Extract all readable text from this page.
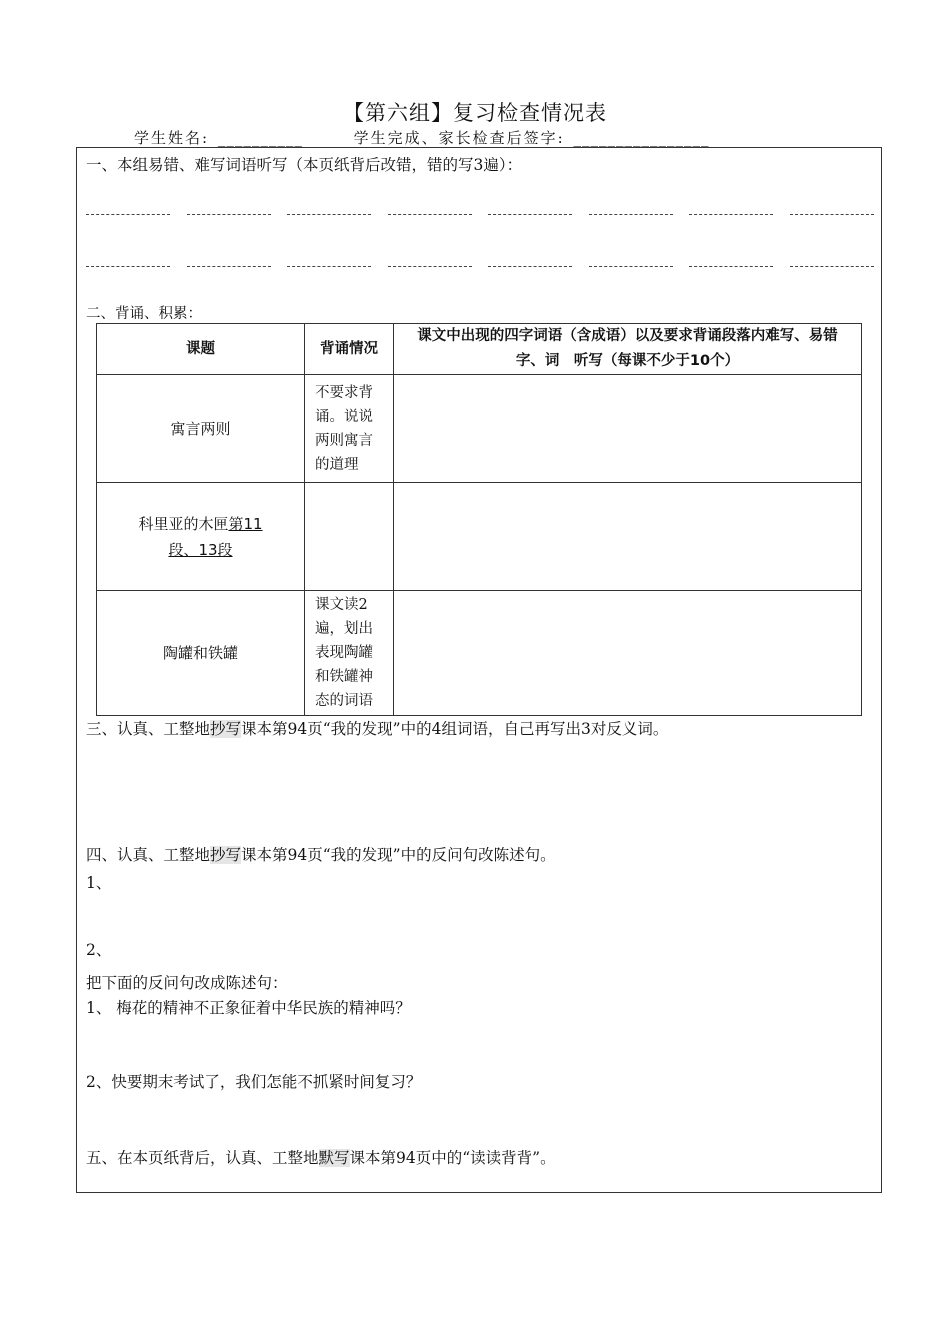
【第六组】复习检查情况表
学生姓名: __________	学生完成、家长检查后签字: ________________
一、本组易错、难写词语听写（本页纸背后改错，错的写3遍）：
二、背诵、积累：
课题	背诵情况	课文中出现的四字词语（含成语）以及要求背诵段落内难写、易错字、词　听写（每课不少于10个）
寓言两则	不要求背诵。说说两则寓言的道理	
科里亚的木匣第11段、13段		
陶罐和铁罐	课文读2遍，划出表现陶罐和铁罐神态的词语	
三、认真、工整地抄写课本第94页“我的发现”中的4组词语，自己再写出3对反义词。
四、认真、工整地抄写课本第94页“我的发现”中的反问句改陈述句。
1、
2、
把下面的反问句改成陈述句：
1、 梅花的精神不正象征着中华民族的精神吗？
2、快要期末考试了，我们怎能不抓紧时间复习？
五、在本页纸背后，认真、工整地默写课本第94页中的“读读背背”。
